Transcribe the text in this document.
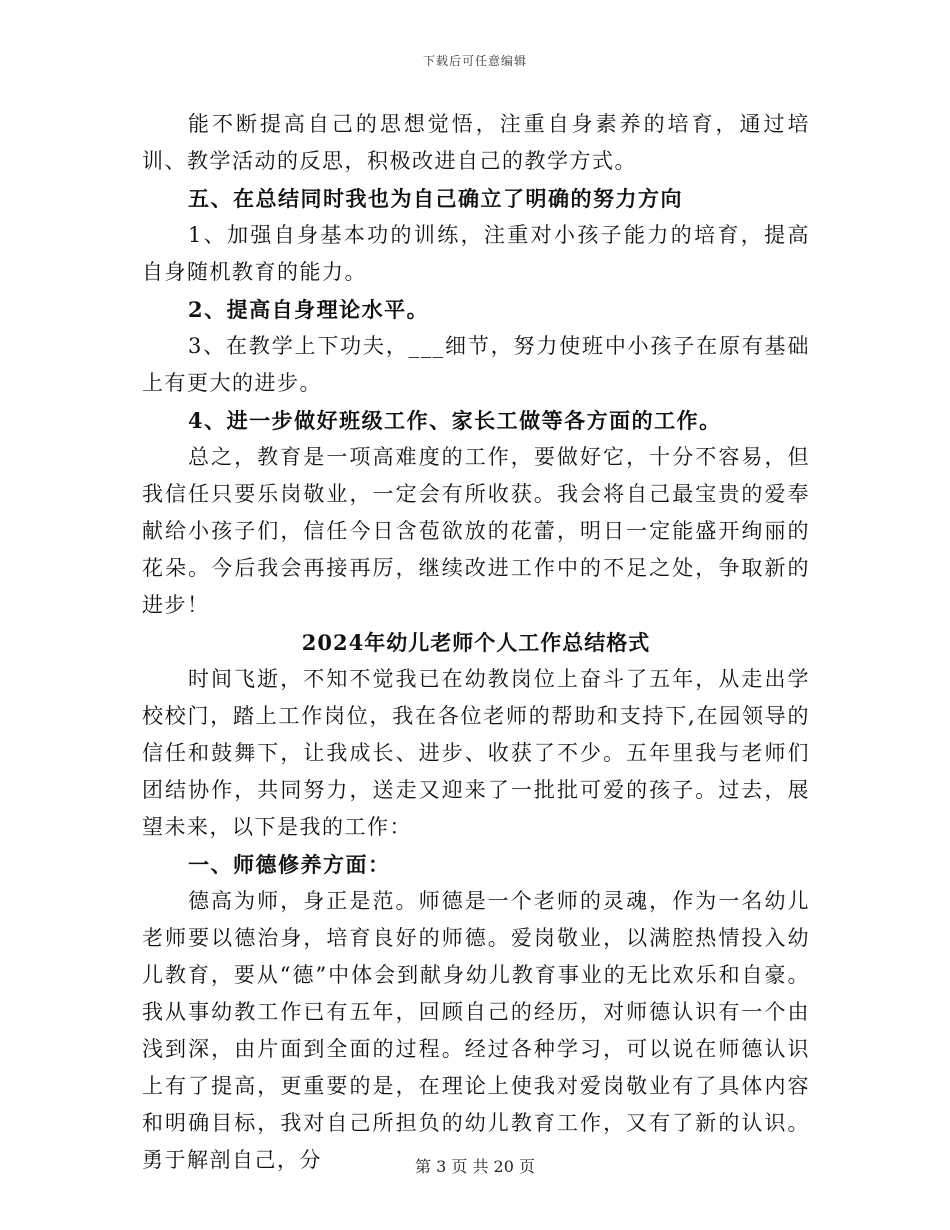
下载后可任意编辑

能不断提高自己的思想觉悟，注重自身素养的培育，通过培训、教学活动的反思，积极改进自己的教学方式。

五、在总结同时我也为自己确立了明确的努力方向

1、加强自身基本功的训练，注重对小孩子能力的培育，提高自身随机教育的能力。

2、提高自身理论水平。

3、在教学上下功夫，___细节，努力使班中小孩子在原有基础上有更大的进步。

4、进一步做好班级工作、家长工做等各方面的工作。

总之，教育是一项高难度的工作，要做好它，十分不容易，但我信任只要乐岗敬业，一定会有所收获。我会将自己最宝贵的爱奉献给小孩子们，信任今日含苞欲放的花蕾，明日一定能盛开绚丽的花朵。今后我会再接再厉，继续改进工作中的不足之处，争取新的进步！

2024年幼儿老师个人工作总结格式

时间飞逝，不知不觉我已在幼教岗位上奋斗了五年，从走出学校校门，踏上工作岗位，我在各位老师的帮助和支持下,在园领导的信任和鼓舞下，让我成长、进步、收获了不少。五年里我与老师们团结协作，共同努力，送走又迎来了一批批可爱的孩子。过去，展望未来，以下是我的工作：

一、师德修养方面：

德高为师，身正是范。师德是一个老师的灵魂，作为一名幼儿老师要以德治身，培育良好的师德。爱岗敬业，以满腔热情投入幼儿教育，要从“德”中体会到献身幼儿教育事业的无比欢乐和自豪。我从事幼教工作已有五年，回顾自己的经历，对师德认识有一个由浅到深，由片面到全面的过程。经过各种学习，可以说在师德认识上有了提高，更重要的是，在理论上使我对爱岗敬业有了具体内容和明确目标，我对自己所担负的幼儿教育工作，又有了新的认识。勇于解剖自己，分	第 3 页 共 20 页
